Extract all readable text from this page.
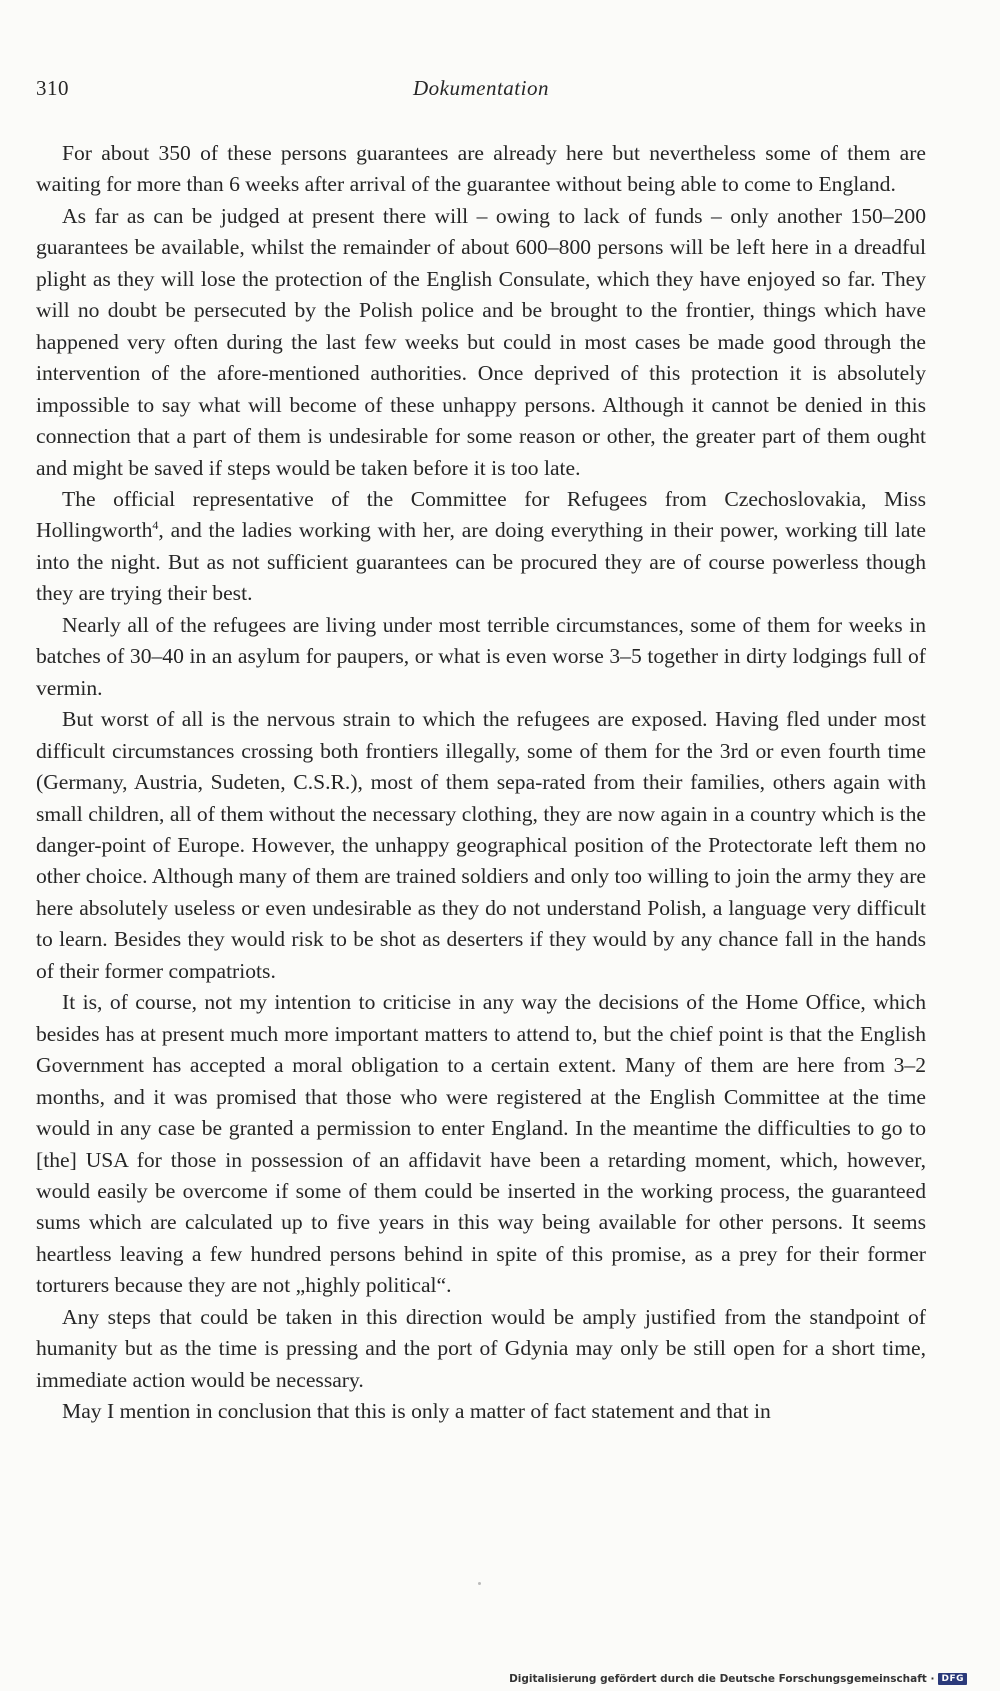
310	Dokumentation

For about 350 of these persons guarantees are already here but nevertheless some of them are waiting for more than 6 weeks after arrival of the guarantee without being able to come to England.

As far as can be judged at present there will – owing to lack of funds – only another 150–200 guarantees be available, whilst the remainder of about 600–800 persons will be left here in a dreadful plight as they will lose the protection of the English Consulate, which they have enjoyed so far. They will no doubt be persecuted by the Polish police and be brought to the frontier, things which have happened very often during the last few weeks but could in most cases be made good through the intervention of the afore-mentioned authorities. Once deprived of this protection it is absolutely impossible to say what will become of these unhappy persons. Although it cannot be denied in this connection that a part of them is undesirable for some reason or other, the greater part of them ought and might be saved if steps would be taken before it is too late.

The official representative of the Committee for Refugees from Czechoslovakia, Miss Hollingworth$^4$, and the ladies working with her, are doing everything in their power, working till late into the night. But as not sufficient guarantees can be procured they are of course powerless though they are trying their best.

Nearly all of the refugees are living under most terrible circumstances, some of them for weeks in batches of 30–40 in an asylum for paupers, or what is even worse 3–5 together in dirty lodgings full of vermin.

But worst of all is the nervous strain to which the refugees are exposed. Having fled under most difficult circumstances crossing both frontiers illegally, some of them for the 3rd or even fourth time (Germany, Austria, Sudeten, C.S.R.), most of them sepa-rated from their families, others again with small children, all of them without the necessary clothing, they are now again in a country which is the danger-point of Europe. However, the unhappy geographical position of the Protectorate left them no other choice. Although many of them are trained soldiers and only too willing to join the army they are here absolutely useless or even undesirable as they do not understand Polish, a language very difficult to learn. Besides they would risk to be shot as deserters if they would by any chance fall in the hands of their former compatriots.

It is, of course, not my intention to criticise in any way the decisions of the Home Office, which besides has at present much more important matters to attend to, but the chief point is that the English Government has accepted a moral obligation to a certain extent. Many of them are here from 3–2 months, and it was promised that those who were registered at the English Committee at the time would in any case be granted a permission to enter England. In the meantime the difficulties to go to [the] USA for those in possession of an affidavit have been a retarding moment, which, however, would easily be overcome if some of them could be inserted in the working process, the guaranteed sums which are calculated up to five years in this way being available for other persons. It seems heartless leaving a few hundred persons behind in spite of this promise, as a prey for their former torturers because they are not „highly political“.

Any steps that could be taken in this direction would be amply justified from the standpoint of humanity but as the time is pressing and the port of Gdynia may only be still open for a short time, immediate action would be necessary.

May I mention in conclusion that this is only a matter of fact statement and that in

Digitalisierung gefördert durch die Deutsche Forschungsgemeinschaft · DFG
